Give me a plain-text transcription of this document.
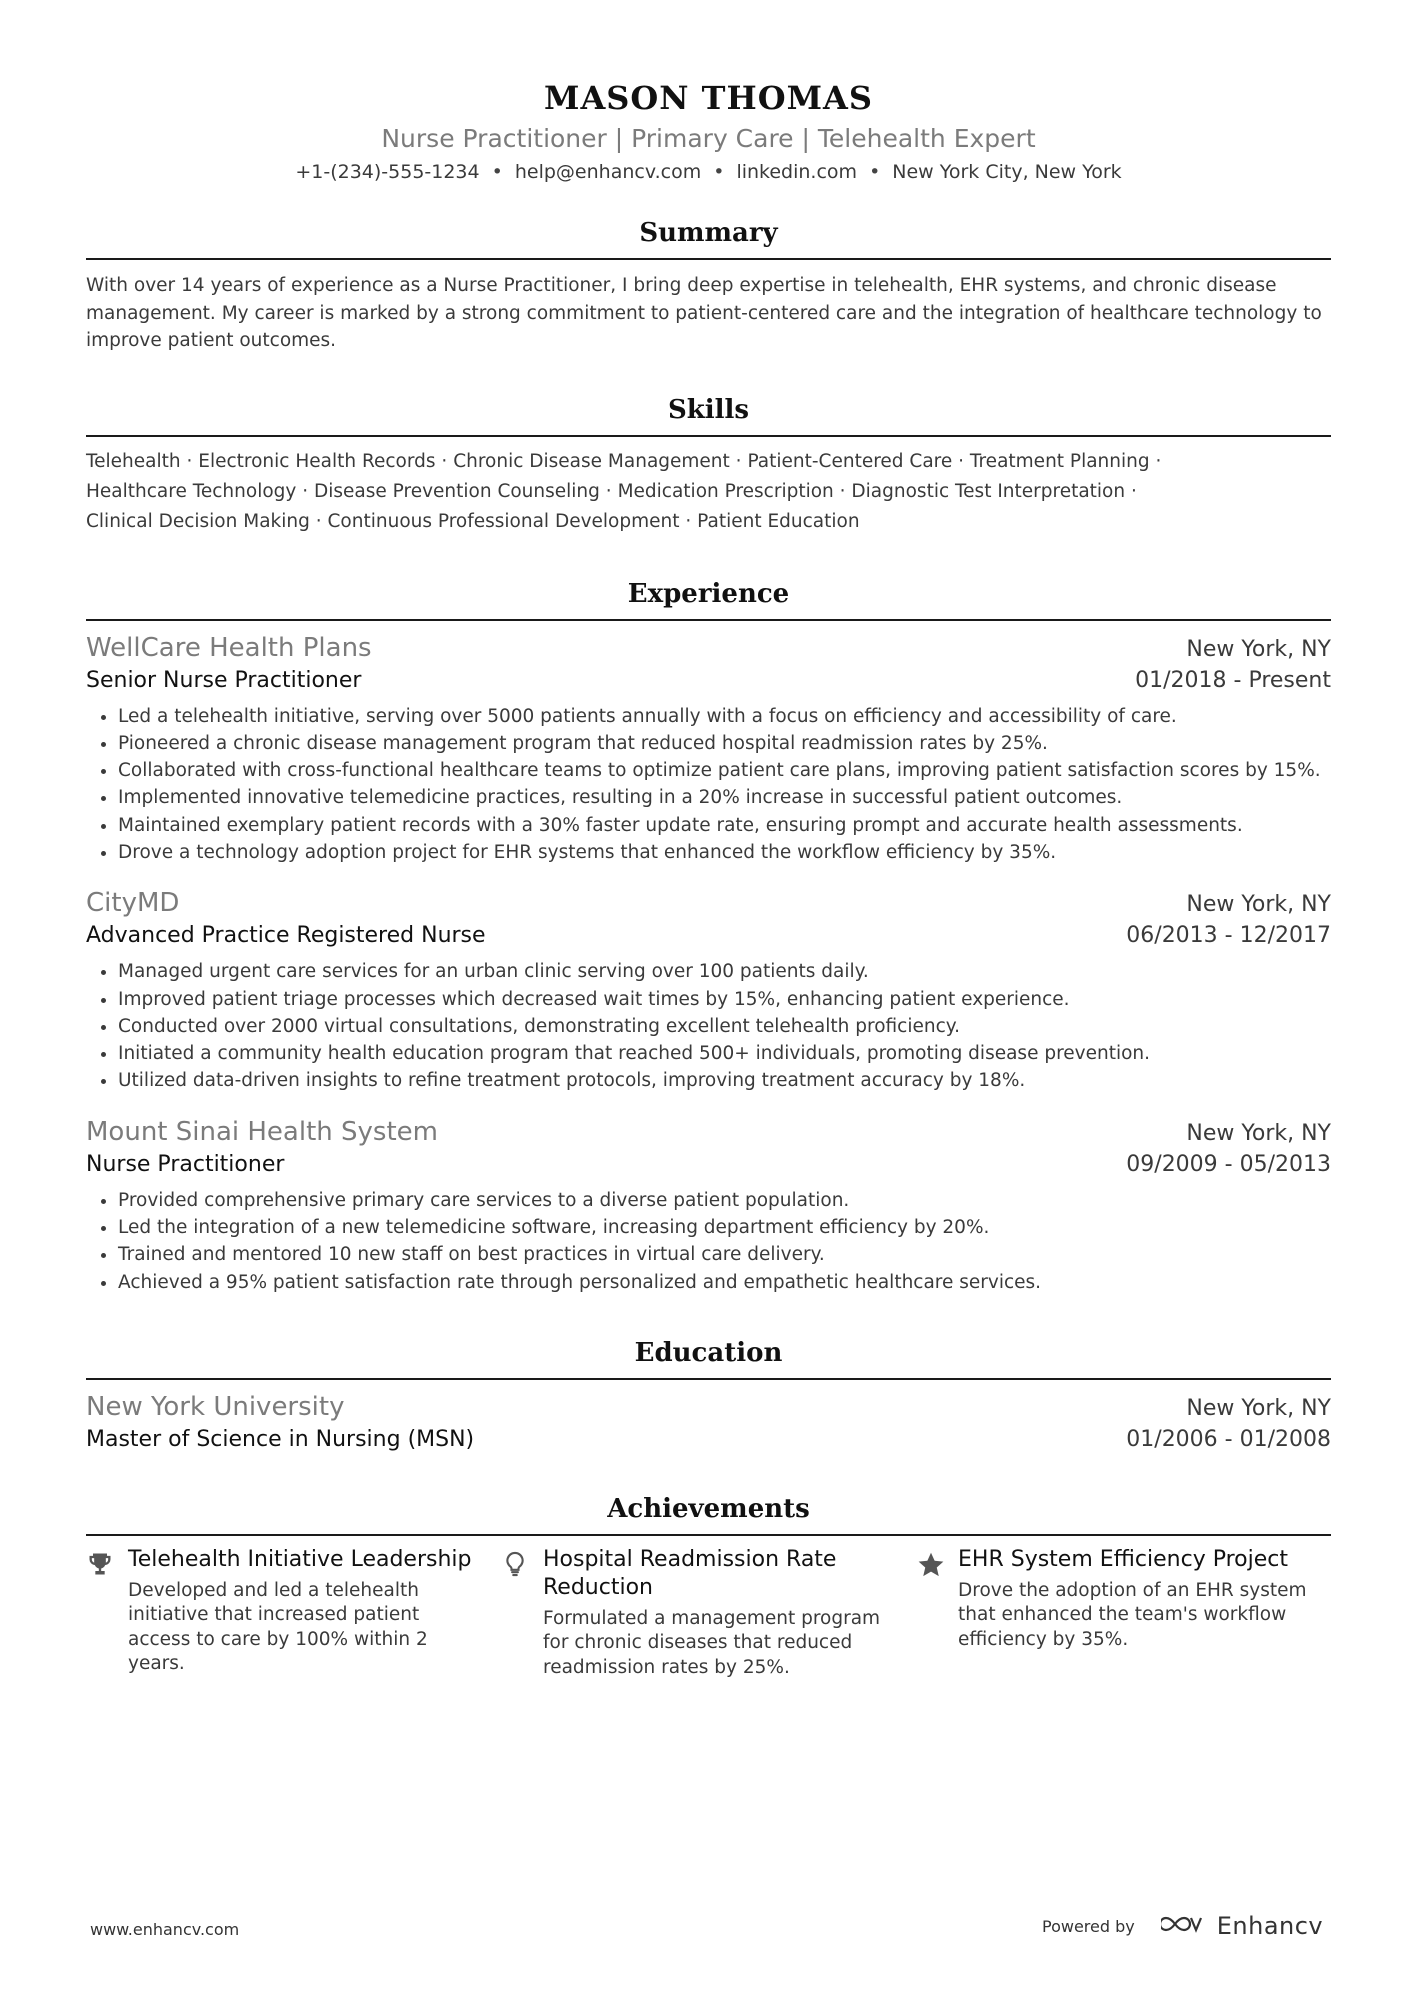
MASON THOMAS
Nurse Practitioner | Primary Care | Telehealth Expert
+1-(234)-555-1234 • help@enhancv.com • linkedin.com • New York City, New York
Summary
With over 14 years of experience as a Nurse Practitioner, I bring deep expertise in telehealth, EHR systems, and chronic disease management. My career is marked by a strong commitment to patient-centered care and the integration of healthcare technology to improve patient outcomes.
Skills
Telehealth · Electronic Health Records · Chronic Disease Management · Patient-Centered Care · Treatment Planning · Healthcare Technology · Disease Prevention Counseling · Medication Prescription · Diagnostic Test Interpretation · Clinical Decision Making · Continuous Professional Development · Patient Education
Experience
WellCare Health Plans	New York, NY
Senior Nurse Practitioner	01/2018 - Present
• Led a telehealth initiative, serving over 5000 patients annually with a focus on efficiency and accessibility of care.
• Pioneered a chronic disease management program that reduced hospital readmission rates by 25%.
• Collaborated with cross-functional healthcare teams to optimize patient care plans, improving patient satisfaction scores by 15%.
• Implemented innovative telemedicine practices, resulting in a 20% increase in successful patient outcomes.
• Maintained exemplary patient records with a 30% faster update rate, ensuring prompt and accurate health assessments.
• Drove a technology adoption project for EHR systems that enhanced the workflow efficiency by 35%.
CityMD	New York, NY
Advanced Practice Registered Nurse	06/2013 - 12/2017
• Managed urgent care services for an urban clinic serving over 100 patients daily.
• Improved patient triage processes which decreased wait times by 15%, enhancing patient experience.
• Conducted over 2000 virtual consultations, demonstrating excellent telehealth proficiency.
• Initiated a community health education program that reached 500+ individuals, promoting disease prevention.
• Utilized data-driven insights to refine treatment protocols, improving treatment accuracy by 18%.
Mount Sinai Health System	New York, NY
Nurse Practitioner	09/2009 - 05/2013
• Provided comprehensive primary care services to a diverse patient population.
• Led the integration of a new telemedicine software, increasing department efficiency by 20%.
• Trained and mentored 10 new staff on best practices in virtual care delivery.
• Achieved a 95% patient satisfaction rate through personalized and empathetic healthcare services.
Education
New York University	New York, NY
Master of Science in Nursing (MSN)	01/2006 - 01/2008
Achievements
Telehealth Initiative Leadership
Developed and led a telehealth initiative that increased patient access to care by 100% within 2 years.
Hospital Readmission Rate Reduction
Formulated a management program for chronic diseases that reduced readmission rates by 25%.
EHR System Efficiency Project
Drove the adoption of an EHR system that enhanced the team's workflow efficiency by 35%.
www.enhancv.com	Powered by	Enhancv
